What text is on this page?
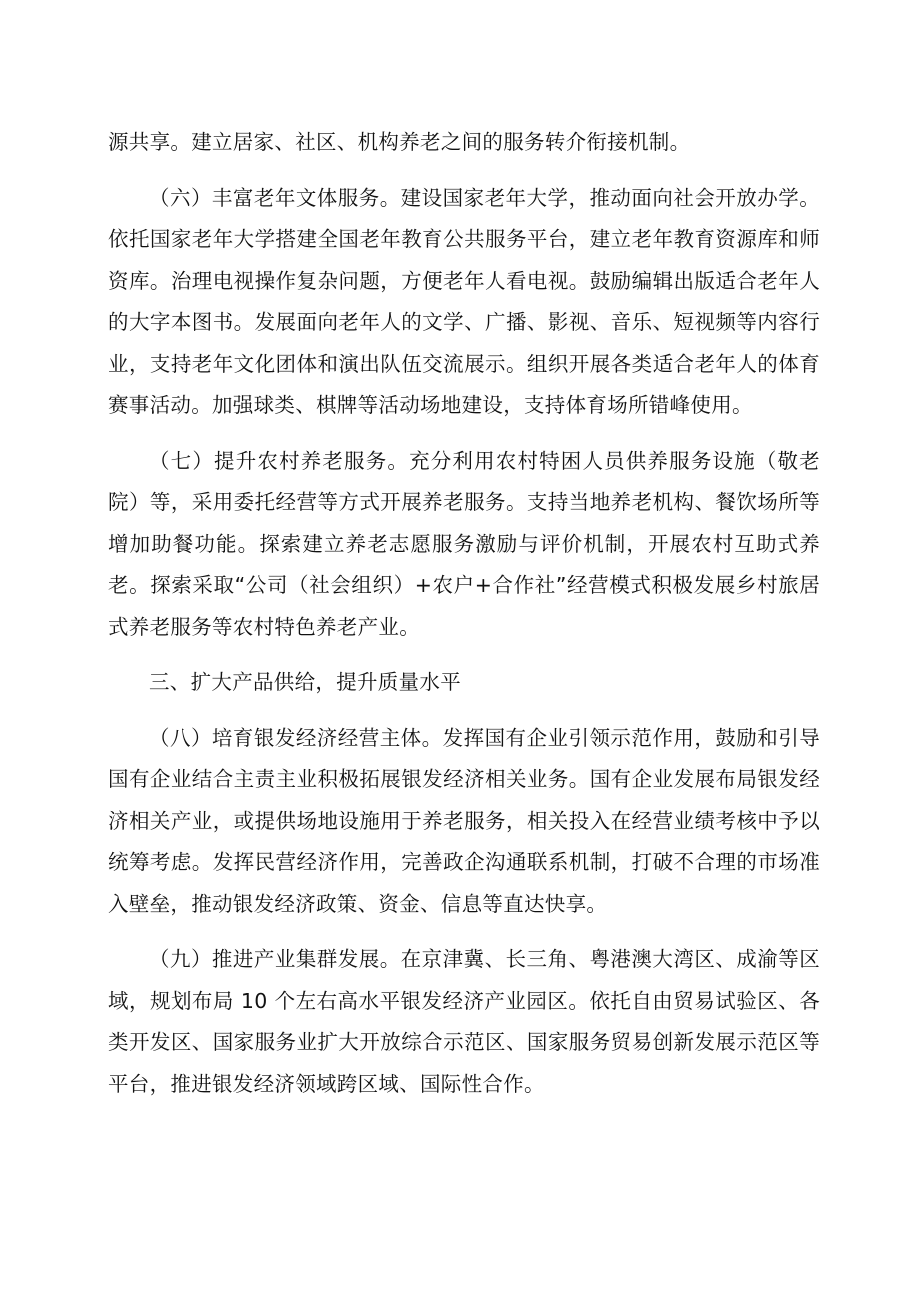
源共享。建立居家、社区、机构养老之间的服务转介衔接机制。

（六）丰富老年文体服务。建设国家老年大学，推动面向社会开放办学。依托国家老年大学搭建全国老年教育公共服务平台，建立老年教育资源库和师资库。治理电视操作复杂问题，方便老年人看电视。鼓励编辑出版适合老年人的大字本图书。发展面向老年人的文学、广播、影视、音乐、短视频等内容行业，支持老年文化团体和演出队伍交流展示。组织开展各类适合老年人的体育赛事活动。加强球类、棋牌等活动场地建设，支持体育场所错峰使用。

（七）提升农村养老服务。充分利用农村特困人员供养服务设施（敬老院）等，采用委托经营等方式开展养老服务。支持当地养老机构、餐饮场所等增加助餐功能。探索建立养老志愿服务激励与评价机制，开展农村互助式养老。探索采取“公司（社会组织）+农户+合作社”经营模式积极发展乡村旅居式养老服务等农村特色养老产业。

三、扩大产品供给，提升质量水平

（八）培育银发经济经营主体。发挥国有企业引领示范作用，鼓励和引导国有企业结合主责主业积极拓展银发经济相关业务。国有企业发展布局银发经济相关产业，或提供场地设施用于养老服务，相关投入在经营业绩考核中予以统筹考虑。发挥民营经济作用，完善政企沟通联系机制，打破不合理的市场准入壁垒，推动银发经济政策、资金、信息等直达快享。

（九）推进产业集群发展。在京津冀、长三角、粤港澳大湾区、成渝等区域，规划布局 10 个左右高水平银发经济产业园区。依托自由贸易试验区、各类开发区、国家服务业扩大开放综合示范区、国家服务贸易创新发展示范区等平台，推进银发经济领域跨区域、国际性合作。
